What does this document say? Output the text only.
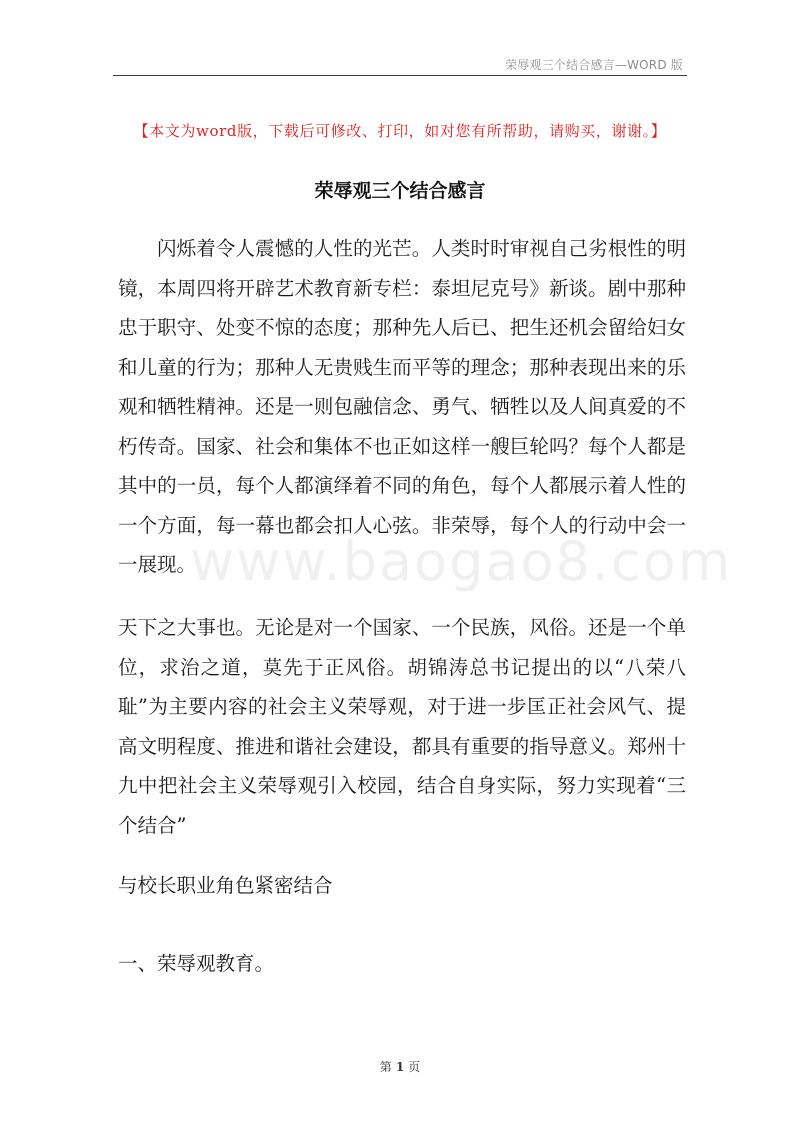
荣辱观三个结合感言—WORD 版
【本文为word版，下载后可修改、打印，如对您有所帮助，请购买，谢谢。】
荣辱观三个结合感言
www.baogao8.com

闪烁着令人震憾的人性的光芒。人类时时审视自己劣根性的明镜，本周四将开辟艺术教育新专栏：泰坦尼克号》新谈。剧中那种忠于职守、处变不惊的态度；那种先人后已、把生还机会留给妇女和儿童的行为；那种人无贵贱生而平等的理念；那种表现出来的乐观和牺牲精神。还是一则包融信念、勇气、牺牲以及人间真爱的不朽传奇。国家、社会和集体不也正如这样一艘巨轮吗？每个人都是其中的一员，每个人都演绎着不同的角色，每个人都展示着人性的一个方面，每一幕也都会扣人心弦。非荣辱，每个人的行动中会一一展现。

天下之大事也。无论是对一个国家、一个民族，风俗。还是一个单位，求治之道，莫先于正风俗。胡锦涛总书记提出的以“八荣八耻”为主要内容的社会主义荣辱观，对于进一步匡正社会风气、提高文明程度、推进和谐社会建设，都具有重要的指导意义。郑州十九中把社会主义荣辱观引入校园，结合自身实际，努力实现着“三个结合”

与校长职业角色紧密结合

一、荣辱观教育。

第 1 页
